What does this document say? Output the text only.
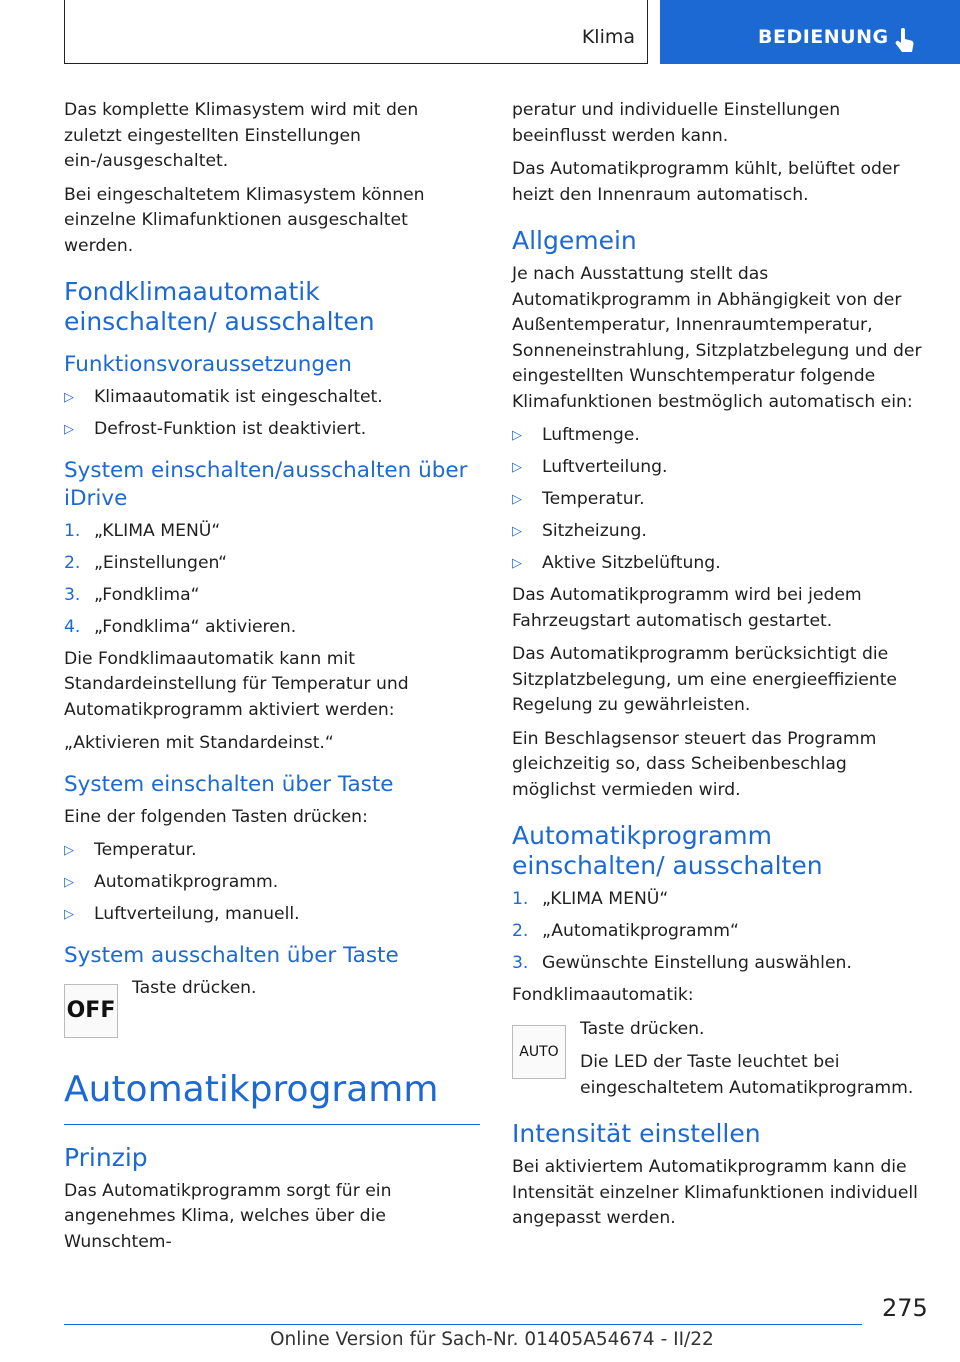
Klima	BEDIENUNG

Das komplette Klimasystem wird mit den zuletzt eingestellten Einstellungen ein-/ausgeschaltet.

Bei eingeschaltetem Klimasystem können einzelne Klimafunktionen ausgeschaltet werden.

Fondklimaautomatik einschalten/ ausschalten
Funktionsvoraussetzungen
▷ Klimaautomatik ist eingeschaltet.
▷ Defrost-Funktion ist deaktiviert.
System einschalten/ausschalten über iDrive
1. „KLIMA MENÜ“
2. „Einstellungen“
3. „Fondklima“
4. „Fondklima“ aktivieren.

Die Fondklimaautomatik kann mit Standardeinstellung für Temperatur und Automatikprogramm aktiviert werden:

„Aktivieren mit Standardeinst.“

System einschalten über Taste

Eine der folgenden Tasten drücken:

▷ Temperatur.
▷ Automatikprogramm.
▷ Luftverteilung, manuell.
System ausschalten über Taste
OFF

Taste drücken.

Automatikprogramm
Prinzip

Das Automatikprogramm sorgt für ein angenehmes Klima, welches über die Wunschtem-

peratur und individuelle Einstellungen beeinflusst werden kann.

Das Automatikprogramm kühlt, belüftet oder heizt den Innenraum automatisch.

Allgemein

Je nach Ausstattung stellt das Automatikprogramm in Abhängigkeit von der Außentemperatur, Innenraumtemperatur, Sonneneinstrahlung, Sitzplatzbelegung und der eingestellten Wunschtemperatur folgende Klimafunktionen bestmöglich automatisch ein:

▷ Luftmenge.
▷ Luftverteilung.
▷ Temperatur.
▷ Sitzheizung.
▷ Aktive Sitzbelüftung.

Das Automatikprogramm wird bei jedem Fahrzeugstart automatisch gestartet.

Das Automatikprogramm berücksichtigt die Sitzplatzbelegung, um eine energieeffiziente Regelung zu gewährleisten.

Ein Beschlagsensor steuert das Programm gleichzeitig so, dass Scheibenbeschlag möglichst vermieden wird.

Automatikprogramm einschalten/ ausschalten
1. „KLIMA MENÜ“
2. „Automatikprogramm“
3. Gewünschte Einstellung auswählen.

Fondklimaautomatik:

AUTO

Taste drücken.

Die LED der Taste leuchtet bei eingeschaltetem Automatikprogramm.

Intensität einstellen

Bei aktiviertem Automatikprogramm kann die Intensität einzelner Klimafunktionen individuell angepasst werden.

275
Online Version für Sach-Nr. 01405A54674 - II/22
